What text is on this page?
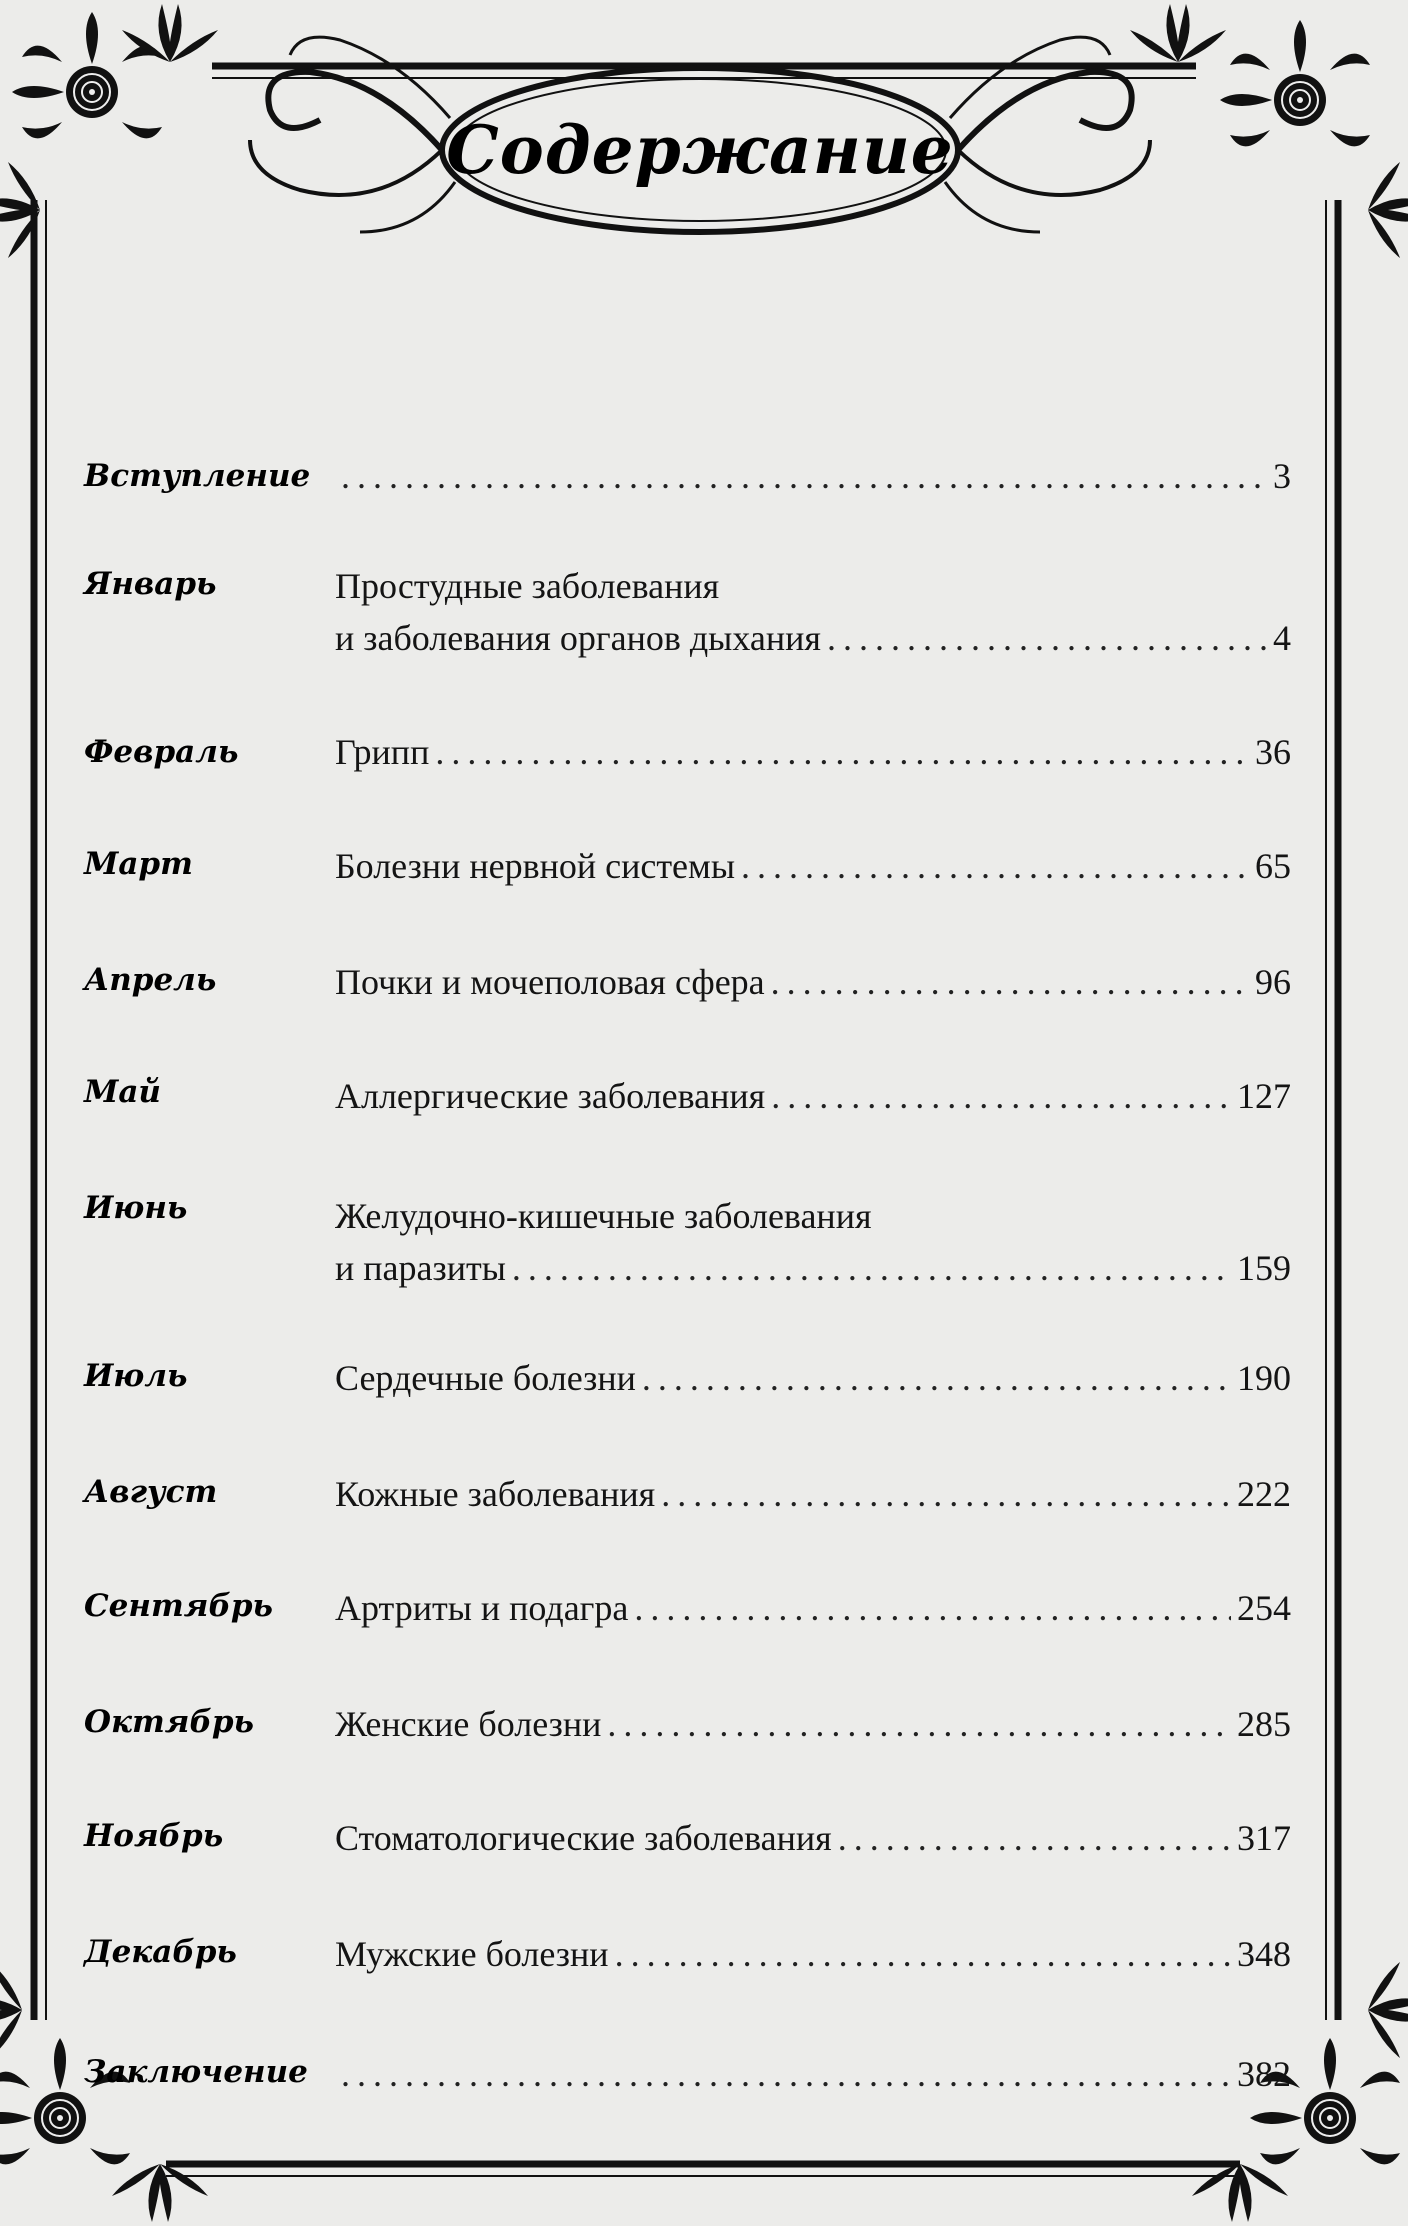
Содержание
Вступление .....	3
Январь	Простудные заболевания
и заболевания органов дыхания .....	4
Февраль	Грипп .....	36
Март	Болезни нервной системы .....	65
Апрель	Почки и мочеполовая сфера .....	96
Май	Аллергические заболевания .....	127
Июнь	Желудочно-кишечные заболевания
и паразиты .....	159
Июль	Сердечные болезни .....	190
Август	Кожные заболевания .....	222
Сентябрь Артриты и подагра .....	254
Октябрь Женские болезни .....	285
Ноябрь	Стоматологические заболевания .....	317
Декабрь	Мужские болезни .....	348
Заключение .....	382
